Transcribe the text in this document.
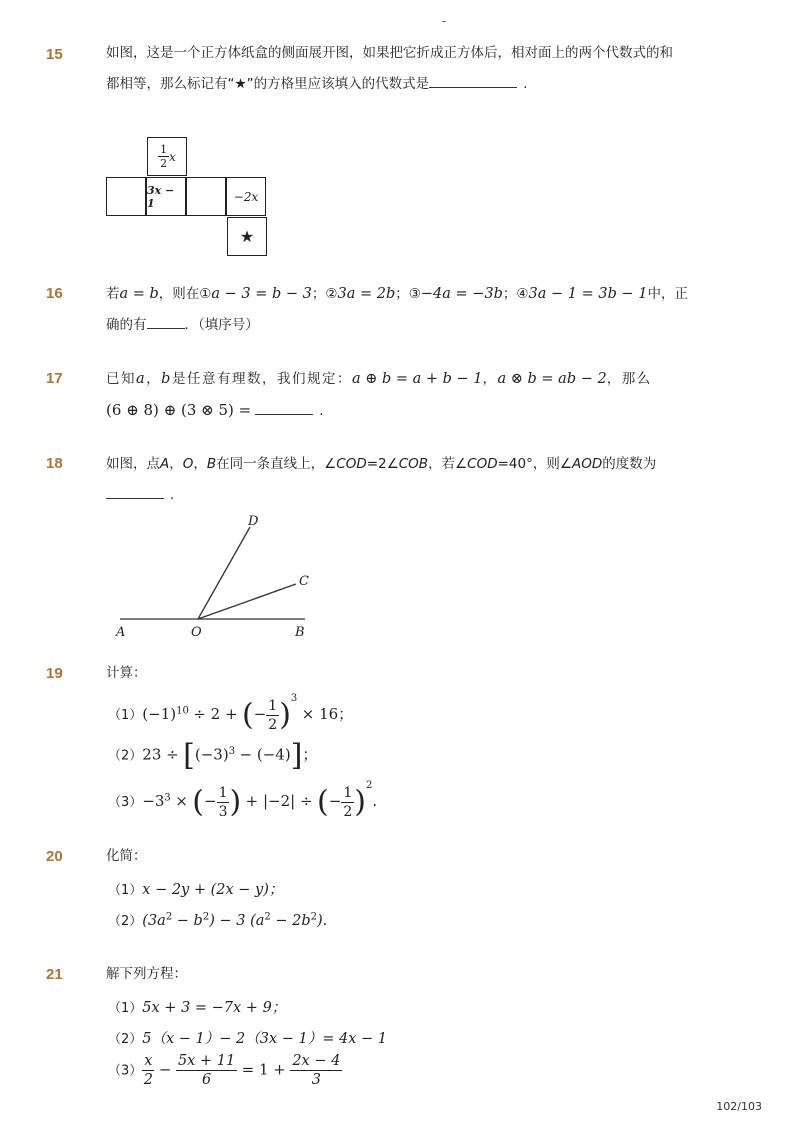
-
15	如图，这是一个正方体纸盒的侧面展开图，如果把它折成正方体后，相对面上的两个代数式的和
都相等，那么标记有“★”的方格里应该填入的代数式是	.
$\frac{1}{2}$ x
3x − 1	−2x
★
16	若a = b，则在①a − 3 = b − 3；②3a = 2b；③−4a = −3b；④3a − 1 = 3b − 1中，正
确的有	．（填序号）
17	已知a，b是任意有理数，我们规定：a ⊕ b = a + b − 1，a ⊗ b = ab − 2，那么
(6 ⊕ 8) ⊕ (3 ⊗ 5) =	.
18	如图，点A，O，B在同一条直线上，∠COD=2∠COB，若∠COD=40°，则∠AOD的度数为
.
D
C
A	O	B
19	计算：
$(1)(-1)^{10} \div 2$ + (− $\frac{1}{2} )^3 \times 16$；
$(2)23 \div [(-3)^3 - (-4)]$；
$(3)-3^3$ × (− $\frac{1}{3}$ ) + |−2| ÷ (− $\frac{1}{2} )^2$.
20	化简：
（1）x − 2y + (2x − y)；
$(2)(3a^2 - b^2) - 3$ $(a^2 - 2b^2)$.
21	解下列方程：
（1）5x + 3 = −7x + 9；
（2）5（x − 1）− 2（3x − 1）= 4x − 1
$(3) \frac{x}{2} - \frac{5x + 11}{6} = 1 + \frac{2x - 4}{3}$
102/103
